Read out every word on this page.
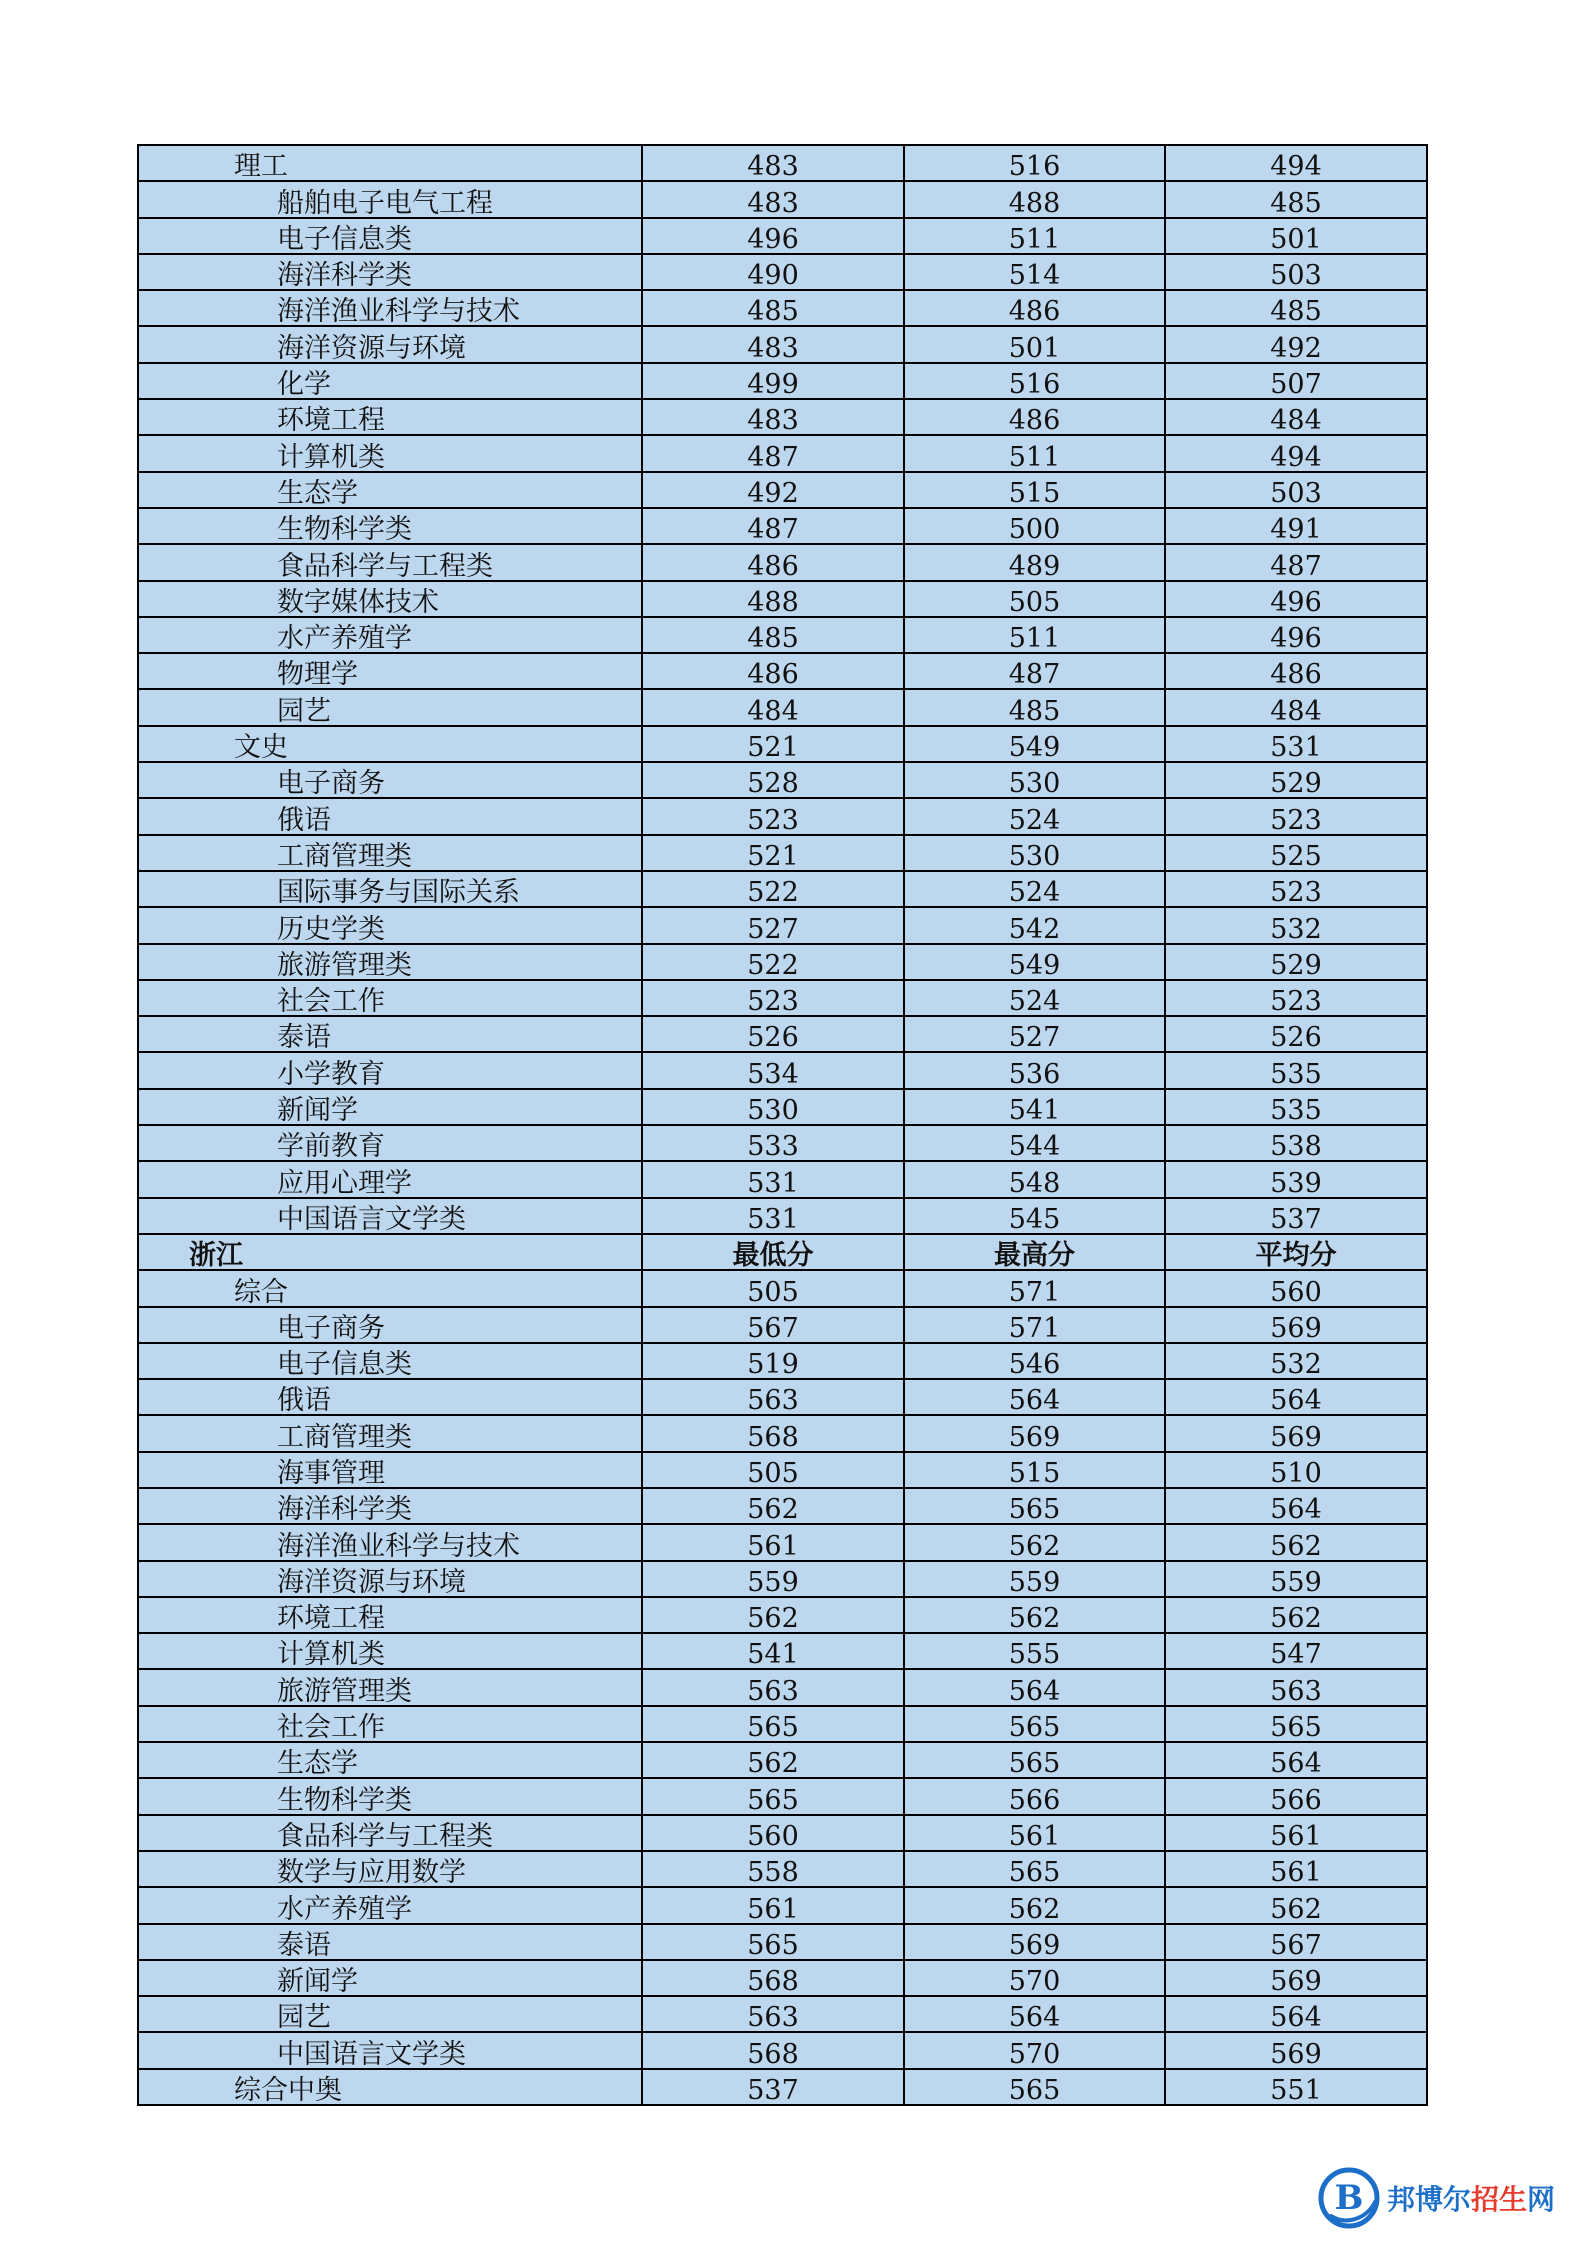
理工	483	516	494
船舶电子电气工程	483	488	485
电子信息类	496	511	501
海洋科学类	490	514	503
海洋渔业科学与技术	485	486	485
海洋资源与环境	483	501	492
化学	499	516	507
环境工程	483	486	484
计算机类	487	511	494
生态学	492	515	503
生物科学类	487	500	491
食品科学与工程类	486	489	487
数字媒体技术	488	505	496
水产养殖学	485	511	496
物理学	486	487	486
园艺	484	485	484
文史	521	549	531
电子商务	528	530	529
俄语	523	524	523
工商管理类	521	530	525
国际事务与国际关系	522	524	523
历史学类	527	542	532
旅游管理类	522	549	529
社会工作	523	524	523
泰语	526	527	526
小学教育	534	536	535
新闻学	530	541	535
学前教育	533	544	538
应用心理学	531	548	539
中国语言文学类	531	545	537
浙江	最低分	最高分	平均分
综合	505	571	560
电子商务	567	571	569
电子信息类	519	546	532
俄语	563	564	564
工商管理类	568	569	569
海事管理	505	515	510
海洋科学类	562	565	564
海洋渔业科学与技术	561	562	562
海洋资源与环境	559	559	559
环境工程	562	562	562
计算机类	541	555	547
旅游管理类	563	564	563
社会工作	565	565	565
生态学	562	565	564
生物科学类	565	566	566
食品科学与工程类	560	561	561
数学与应用数学	558	565	561
水产养殖学	561	562	562
泰语	565	569	567
新闻学	568	570	569
园艺	563	564	564
中国语言文学类	568	570	569
综合中奥	537	565	551
B 邦博尔招生网
